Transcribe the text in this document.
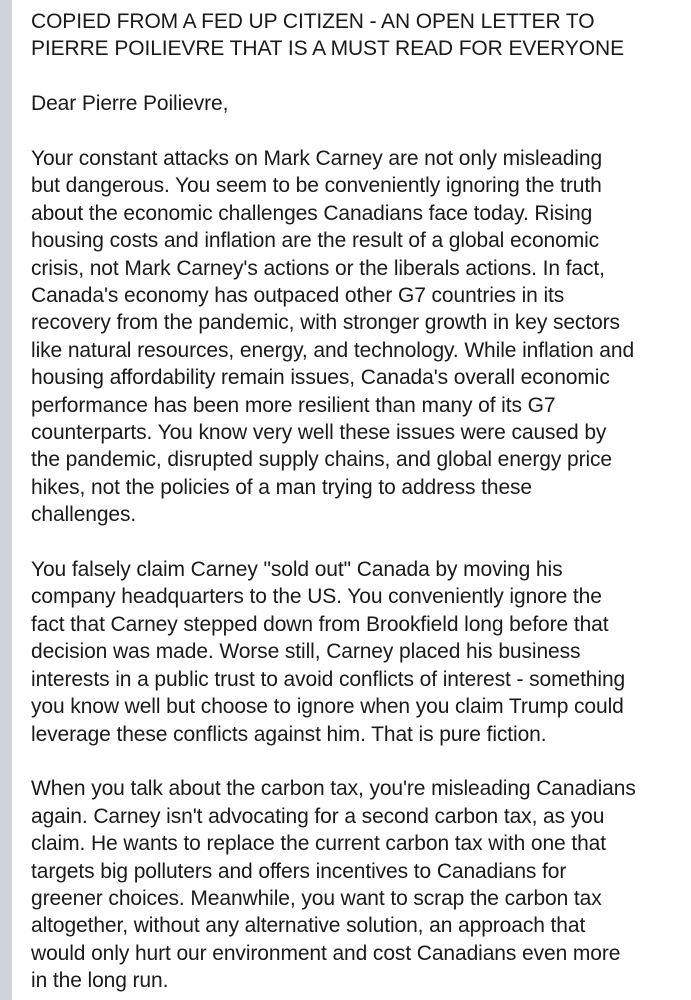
COPIED FROM A FED UP CITIZEN - AN OPEN LETTER TO
PIERRE POILIEVRE THAT IS A MUST READ FOR EVERYONE

Dear Pierre Poilievre,

Your constant attacks on Mark Carney are not only misleading
but dangerous. You seem to be conveniently ignoring the truth
about the economic challenges Canadians face today. Rising
housing costs and inflation are the result of a global economic
crisis, not Mark Carney's actions or the liberals actions. In fact,
Canada's economy has outpaced other G7 countries in its
recovery from the pandemic, with stronger growth in key sectors
like natural resources, energy, and technology. While inflation and
housing affordability remain issues, Canada's overall economic
performance has been more resilient than many of its G7
counterparts. You know very well these issues were caused by
the pandemic, disrupted supply chains, and global energy price
hikes, not the policies of a man trying to address these
challenges.

You falsely claim Carney "sold out" Canada by moving his
company headquarters to the US. You conveniently ignore the
fact that Carney stepped down from Brookfield long before that
decision was made. Worse still, Carney placed his business
interests in a public trust to avoid conflicts of interest - something
you know well but choose to ignore when you claim Trump could
leverage these conflicts against him. That is pure fiction.

When you talk about the carbon tax, you're misleading Canadians
again. Carney isn't advocating for a second carbon tax, as you
claim. He wants to replace the current carbon tax with one that
targets big polluters and offers incentives to Canadians for
greener choices. Meanwhile, you want to scrap the carbon tax
altogether, without any alternative solution, an approach that
would only hurt our environment and cost Canadians even more
in the long run.
